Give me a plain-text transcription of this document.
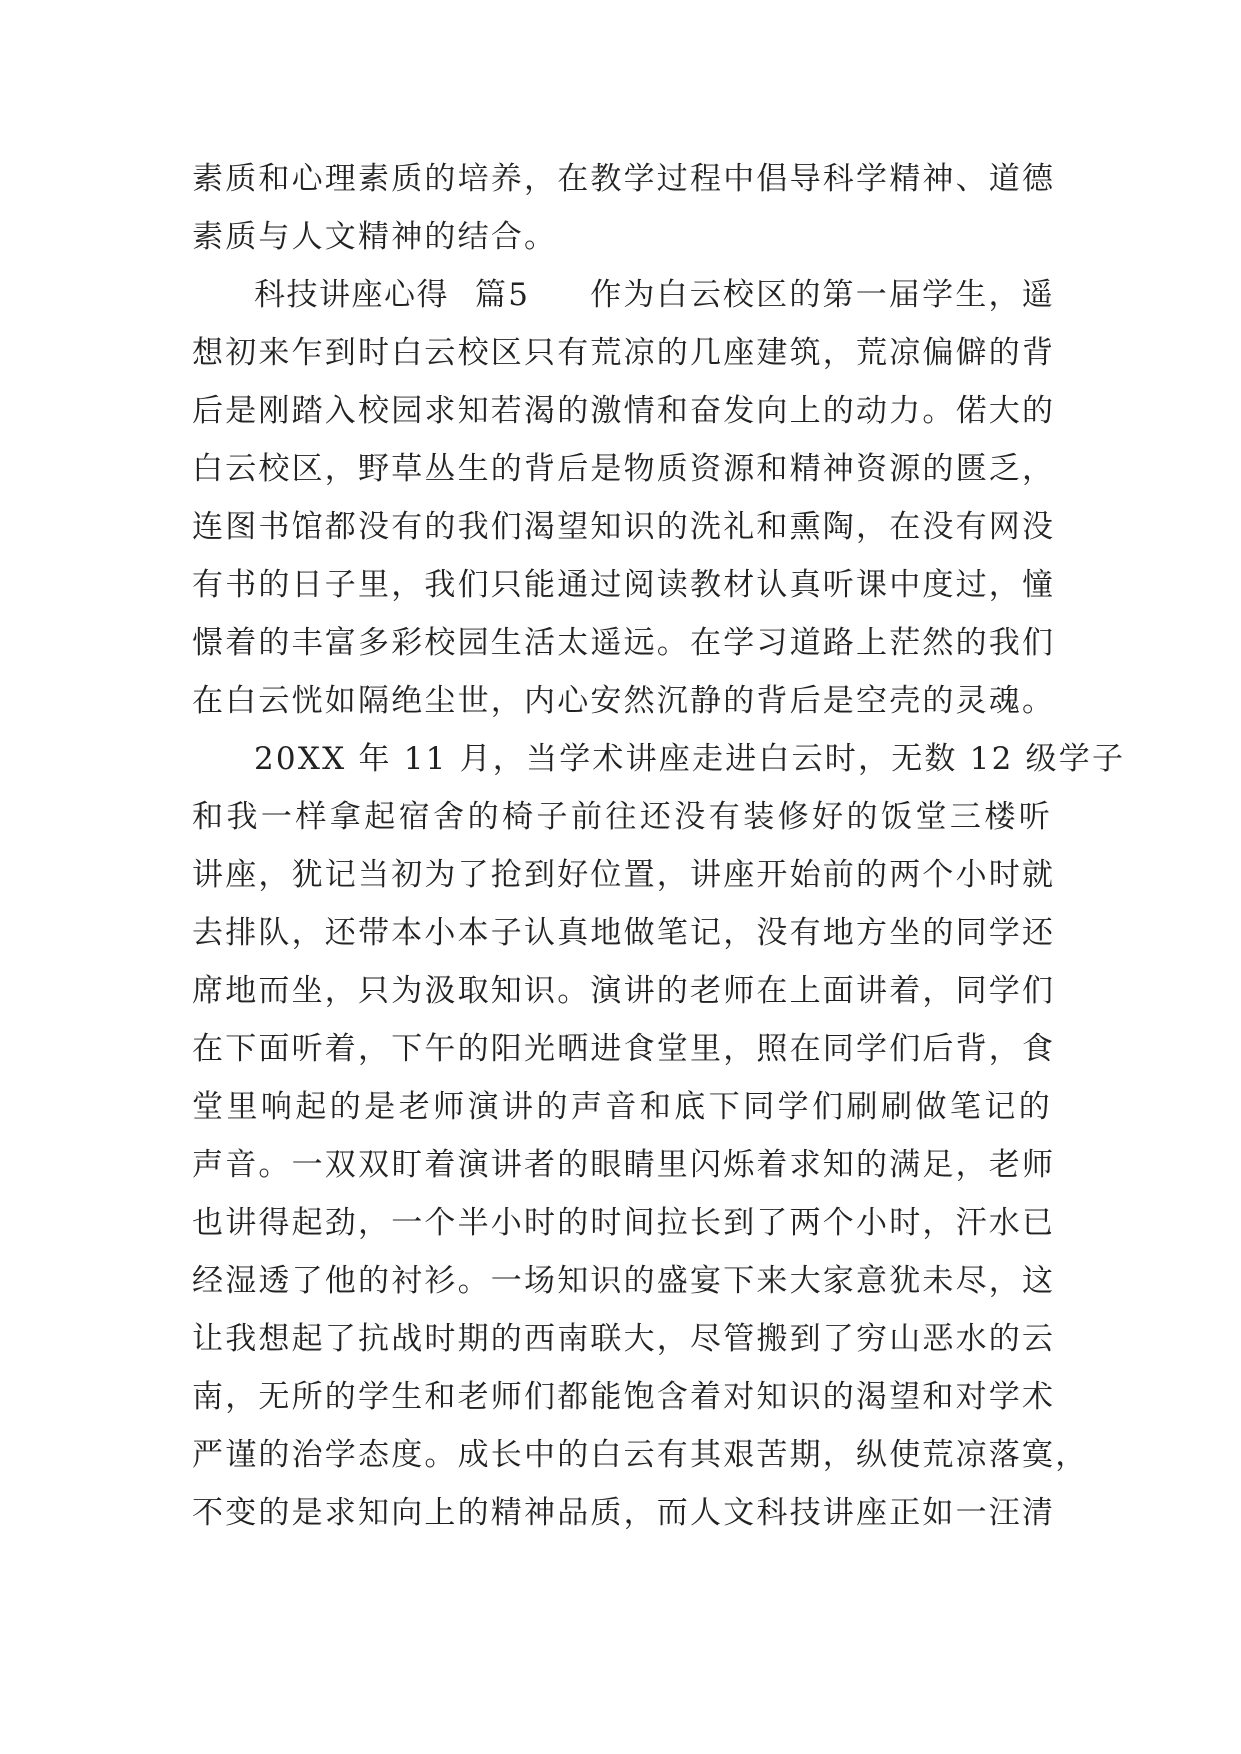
素质和心理素质的培养，在教学过程中倡导科学精神、道德
素质与人文精神的结合。
科技讲座心得 篇5 作为白云校区的第一届学生，遥
想初来乍到时白云校区只有荒凉的几座建筑，荒凉偏僻的背
后是刚踏入校园求知若渴的激情和奋发向上的动力。偌大的
白云校区，野草丛生的背后是物质资源和精神资源的匮乏，
连图书馆都没有的我们渴望知识的洗礼和熏陶，在没有网没
有书的日子里，我们只能通过阅读教材认真听课中度过，憧
憬着的丰富多彩校园生活太遥远。在学习道路上茫然的我们
在白云恍如隔绝尘世，内心安然沉静的背后是空壳的灵魂。
20XX 年 11 月，当学术讲座走进白云时，无数 12 级学子
和我一样拿起宿舍的椅子前往还没有装修好的饭堂三楼听
讲座，犹记当初为了抢到好位置，讲座开始前的两个小时就
去排队，还带本小本子认真地做笔记，没有地方坐的同学还
席地而坐，只为汲取知识。演讲的老师在上面讲着，同学们
在下面听着，下午的阳光晒进食堂里，照在同学们后背，食
堂里响起的是老师演讲的声音和底下同学们刷刷做笔记的
声音。一双双盯着演讲者的眼睛里闪烁着求知的满足，老师
也讲得起劲，一个半小时的时间拉长到了两个小时，汗水已
经湿透了他的衬衫。一场知识的盛宴下来大家意犹未尽，这
让我想起了抗战时期的西南联大，尽管搬到了穷山恶水的云
南，无所的学生和老师们都能饱含着对知识的渴望和对学术
严谨的治学态度。成长中的白云有其艰苦期，纵使荒凉落寞，
不变的是求知向上的精神品质，而人文科技讲座正如一汪清
